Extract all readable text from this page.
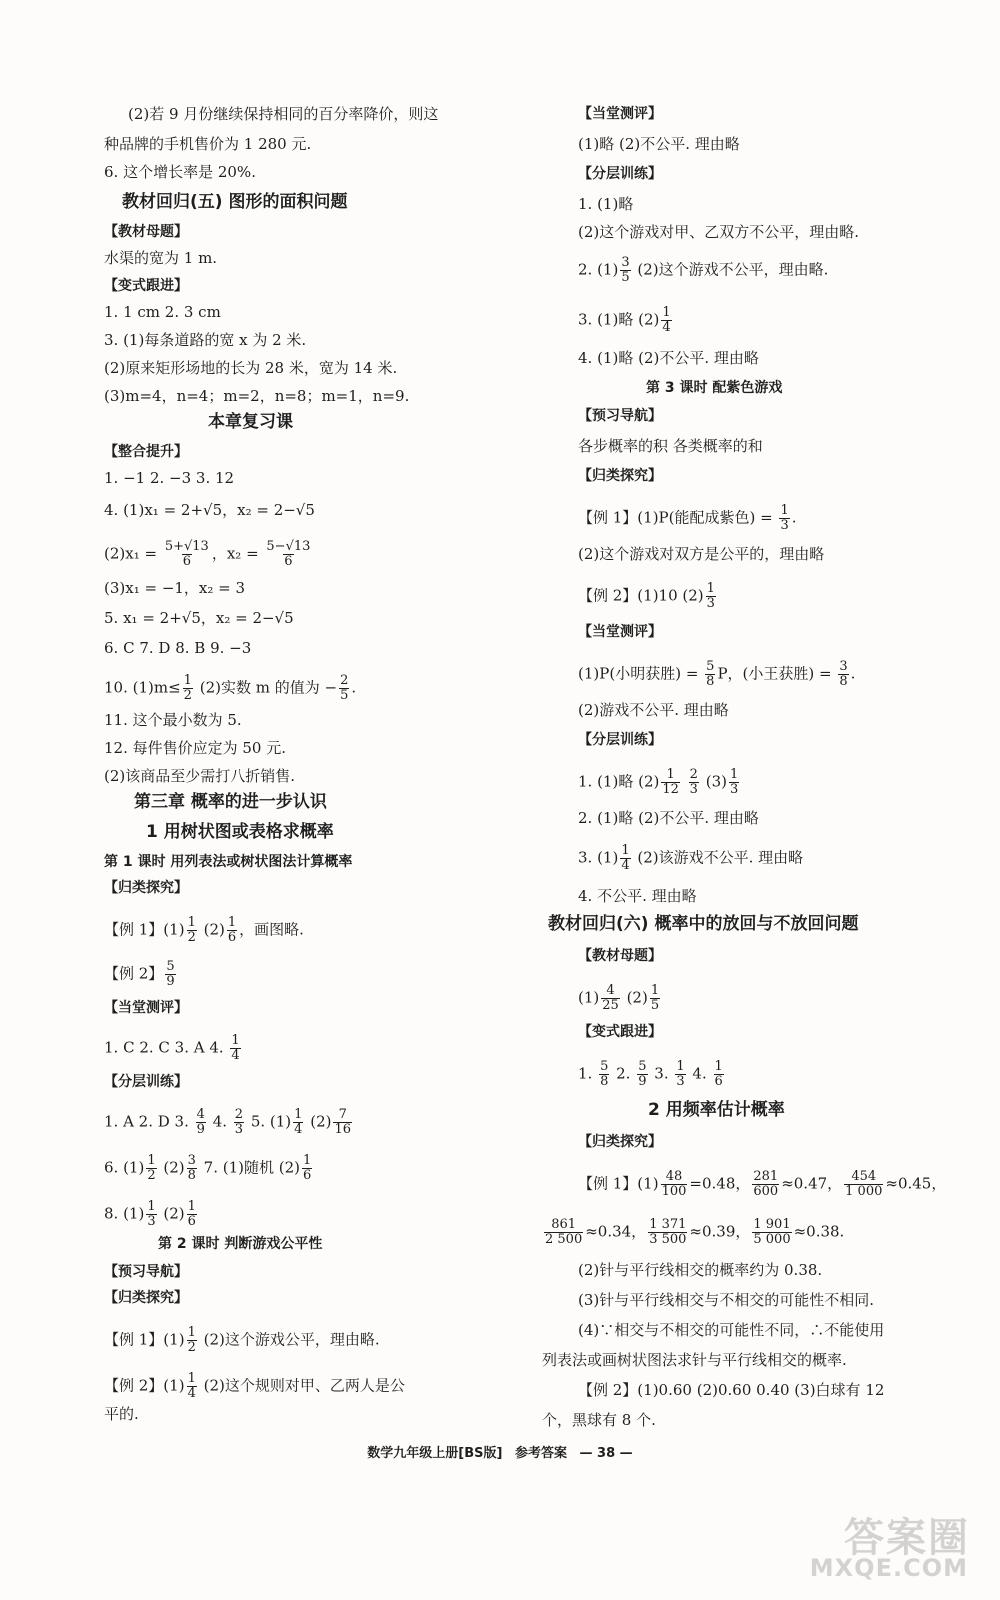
(2)若 9 月份继续保持相同的百分率降价，则这
种品牌的手机售价为 1 280 元.
6. 这个增长率是 20%.
教材回归(五) 图形的面积问题
【教材母题】
水渠的宽为 1 m.
【变式跟进】
1. 1 cm 2. 3 cm
3. (1)每条道路的宽 x 为 2 米.
(2)原来矩形场地的长为 28 米，宽为 14 米.
(3)m=4，n=4；m=2，n=8；m=1，n=9.
本章复习课
【整合提升】
1. −1 2. −3 3. 12
4. (1)x₁ = 2+√5，x₂ = 2−√5
$(2)x_1 = \frac{5+√13}{6}$ ，$x_2 = \frac{5-√13}{6}$
(3)x₁ = −1，x₂ = 3
5. x₁ = 2+√5，x₂ = 2−√5
6. C 7. D 8. B 9. −3
10. $(1)m\le \frac{1}{2} (2)$实数 m 的值为 − $\frac{2}{5}$ .
11. 这个最小数为 5.
12. 每件售价应定为 50 元.
(2)该商品至少需打八折销售.
第三章 概率的进一步认识
1 用树状图或表格求概率
第 1 课时 用列表法或树状图法计算概率
【归类探究】
【例 1】$(1) \frac{1}{2} (2) \frac{1}{6}$ ，画图略.
【例 2】 $\frac{5}{9}$
【当堂测评】
1. C 2. C 3. A 4. $\frac{1}{4}$
【分层训练】
1. A 2. D 3. $\frac{4}{9} 4$. $\frac{2}{3} 5$. $(1) \frac{1}{4} (2) \frac{7}{16}$
6. $(1) \frac{1}{2} (2) \frac{3}{8} 7$. (1)随机 $(2) \frac{1}{6}$
8. $(1) \frac{1}{3} (2) \frac{1}{6}$
第 2 课时 判断游戏公平性
【预习导航】
【归类探究】
【例 1】$(1) \frac{1}{2} (2)$这个游戏公平，理由略.
【例 2】$(1) \frac{1}{4} (2)$这个规则对甲、乙两人是公
平的.
【当堂测评】
(1)略 (2)不公平. 理由略
【分层训练】
1. (1)略
(2)这个游戏对甲、乙双方不公平，理由略.
2. $(1) \frac{3}{5} (2)$这个游戏不公平，理由略.
3. (1)略 $(2) \frac{1}{4}$
4. (1)略 (2)不公平. 理由略
第 3 课时 配紫色游戏
【预习导航】
各步概率的积 各类概率的和
【归类探究】
【例 1】(1)P(能配成紫色) = $\frac{1}{3}$ .
(2)这个游戏对双方是公平的，理由略
【例 2】(1)10 $(2) \frac{1}{3}$
【当堂测评】
(1)P(小明获胜) = $\frac{5}{8}$ P，(小王获胜) = $\frac{3}{8}$ .
(2)游戏不公平. 理由略
【分层训练】
1. (1)略 $(2) \frac{1}{12}$
$\frac{2}{3} (3) \frac{1}{3}$
2. (1)略 (2)不公平. 理由略
3. $(1) \frac{1}{4} (2)$该游戏不公平. 理由略
4. 不公平. 理由略
教材回归(六) 概率中的放回与不放回问题
【教材母题】
$(1) \frac{4}{25} (2) \frac{1}{5}$
【变式跟进】
1. $\frac{5}{8} 2$. $\frac{5}{9} 3$. $\frac{1}{3} 4$. $\frac{1}{6}$
2 用频率估计概率
【归类探究】
【例 1】$(1) \frac{48}{100} =0.48$， $\frac{281}{600} \approx 0.47$， $\frac{454}{1 000} \approx 0.45$，
$\frac{861}{2 500} \approx 0.34$， $\frac{1 371}{3 500} \approx 0.39$， $\frac{1 901}{5 000} \approx 0.38$.
(2)针与平行线相交的概率约为 0.38.
(3)针与平行线相交与不相交的可能性不相同.
(4)∵相交与不相交的可能性不同，∴不能使用
列表法或画树状图法求针与平行线相交的概率.
【例 2】(1)0.60 (2)0.60 0.40 (3)白球有 12
个，黑球有 8 个.
数学九年级上册[BS版] 参考答案 — 38 —
答案圈
MXQE.COM
